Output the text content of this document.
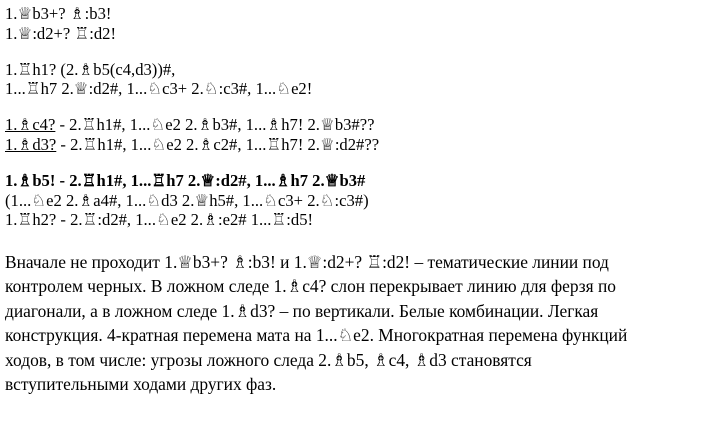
1.♕b3+? ♗:b3!
1.♕:d2+? ♖:d2!
1.♖h1? (2.♗b5(c4,d3))#,
1...♖h7 2.♕:d2#, 1...♘c3+ 2.♘:c3#, 1...♘e2!
1.♗c4? - 2.♖h1#, 1...♘e2 2.♗b3#, 1...♗h7! 2.♕b3#??
1.♗d3? - 2.♖h1#, 1...♘e2 2.♗c2#, 1...♖h7! 2.♕:d2#??
1.♗b5! - 2.♖h1#, 1...♖h7 2.♕:d2#, 1...♗h7 2.♕b3#
(1...♘e2 2.♗a4#, 1...♘d3 2.♕h5#, 1...♘c3+ 2.♘:c3#)
1.♖h2? - 2.♖:d2#, 1...♘e2 2.♗:e2# 1...♖:d5!
Вначале не проходит 1.♕b3+? ♗:b3! и 1.♕:d2+? ♖:d2! – тематические линии под
контролем черных. В ложном следе 1.♗c4? слон перекрывает линию для ферзя по
диагонали, а в ложном следе 1.♗d3? – по вертикали. Белые комбинации. Легкая
конструкция. 4-кратная перемена мата на 1...♘e2. Многократная перемена функций
ходов, в том числе: угрозы ложного следа 2.♗b5, ♗c4, ♗d3 становятся
вступительными ходами других фаз.
